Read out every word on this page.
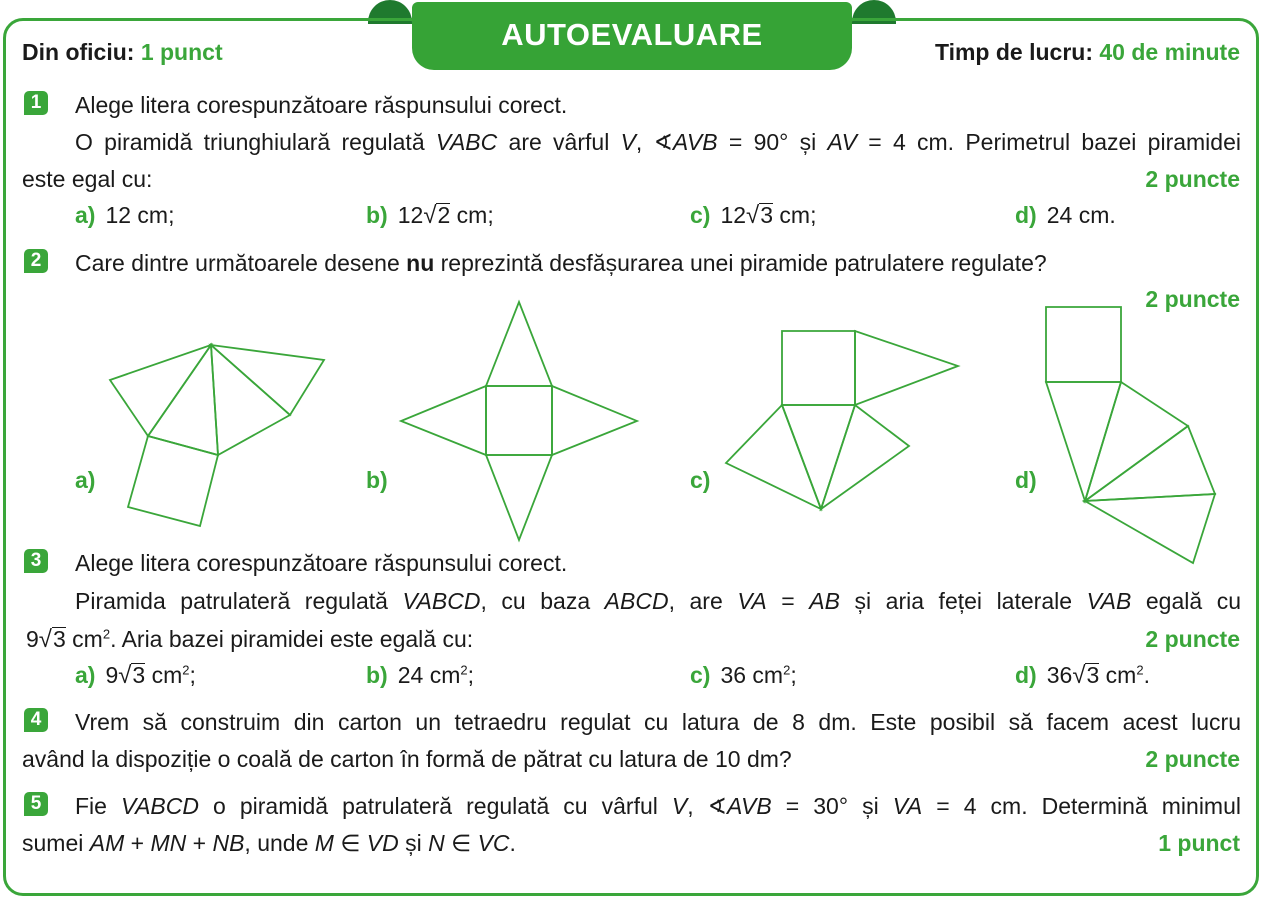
AUTOEVALUARE
Din oficiu: 1 punct	Timp de lucru: 40 de minute
1 Alege litera corespunzătoare răspunsului corect.
O piramidă triunghiulară regulată VABC are vârful V, ∢AVB = 90° și AV = 4 cm. Perimetrul bazei piramidei
este egal cu:	2 puncte
a) 12 cm;	b) 12√2 cm;	c) 12√3 cm;	d) 24 cm.
2 Care dintre următoarele desene nu reprezintă desfășurarea unei piramide patrulatere regulate?
2 puncte
a)	b)	c)	d)
3 Alege litera corespunzătoare răspunsului corect.
Piramida patrulateră regulată VABCD, cu baza ABCD, are VA = AB și aria feței laterale VAB egală cu
9√3 $cm^2$. Aria bazei piramidei este egală cu:	2 puncte
a) 9√3 $cm^2$;	b) 24 $cm^2$;	c) 36 $cm^2$;	d) 36√3 $cm^2$.
4 Vrem să construim din carton un tetraedru regulat cu latura de 8 dm. Este posibil să facem acest lucru
având la dispoziție o coală de carton în formă de pătrat cu latura de 10 dm?	2 puncte
5 Fie VABCD o piramidă patrulateră regulată cu vârful V, ∢AVB = 30° și VA = 4 cm. Determină minimul
sumei AM + MN + NB, unde M ∈ VD și N ∈ VC.	1 punct
